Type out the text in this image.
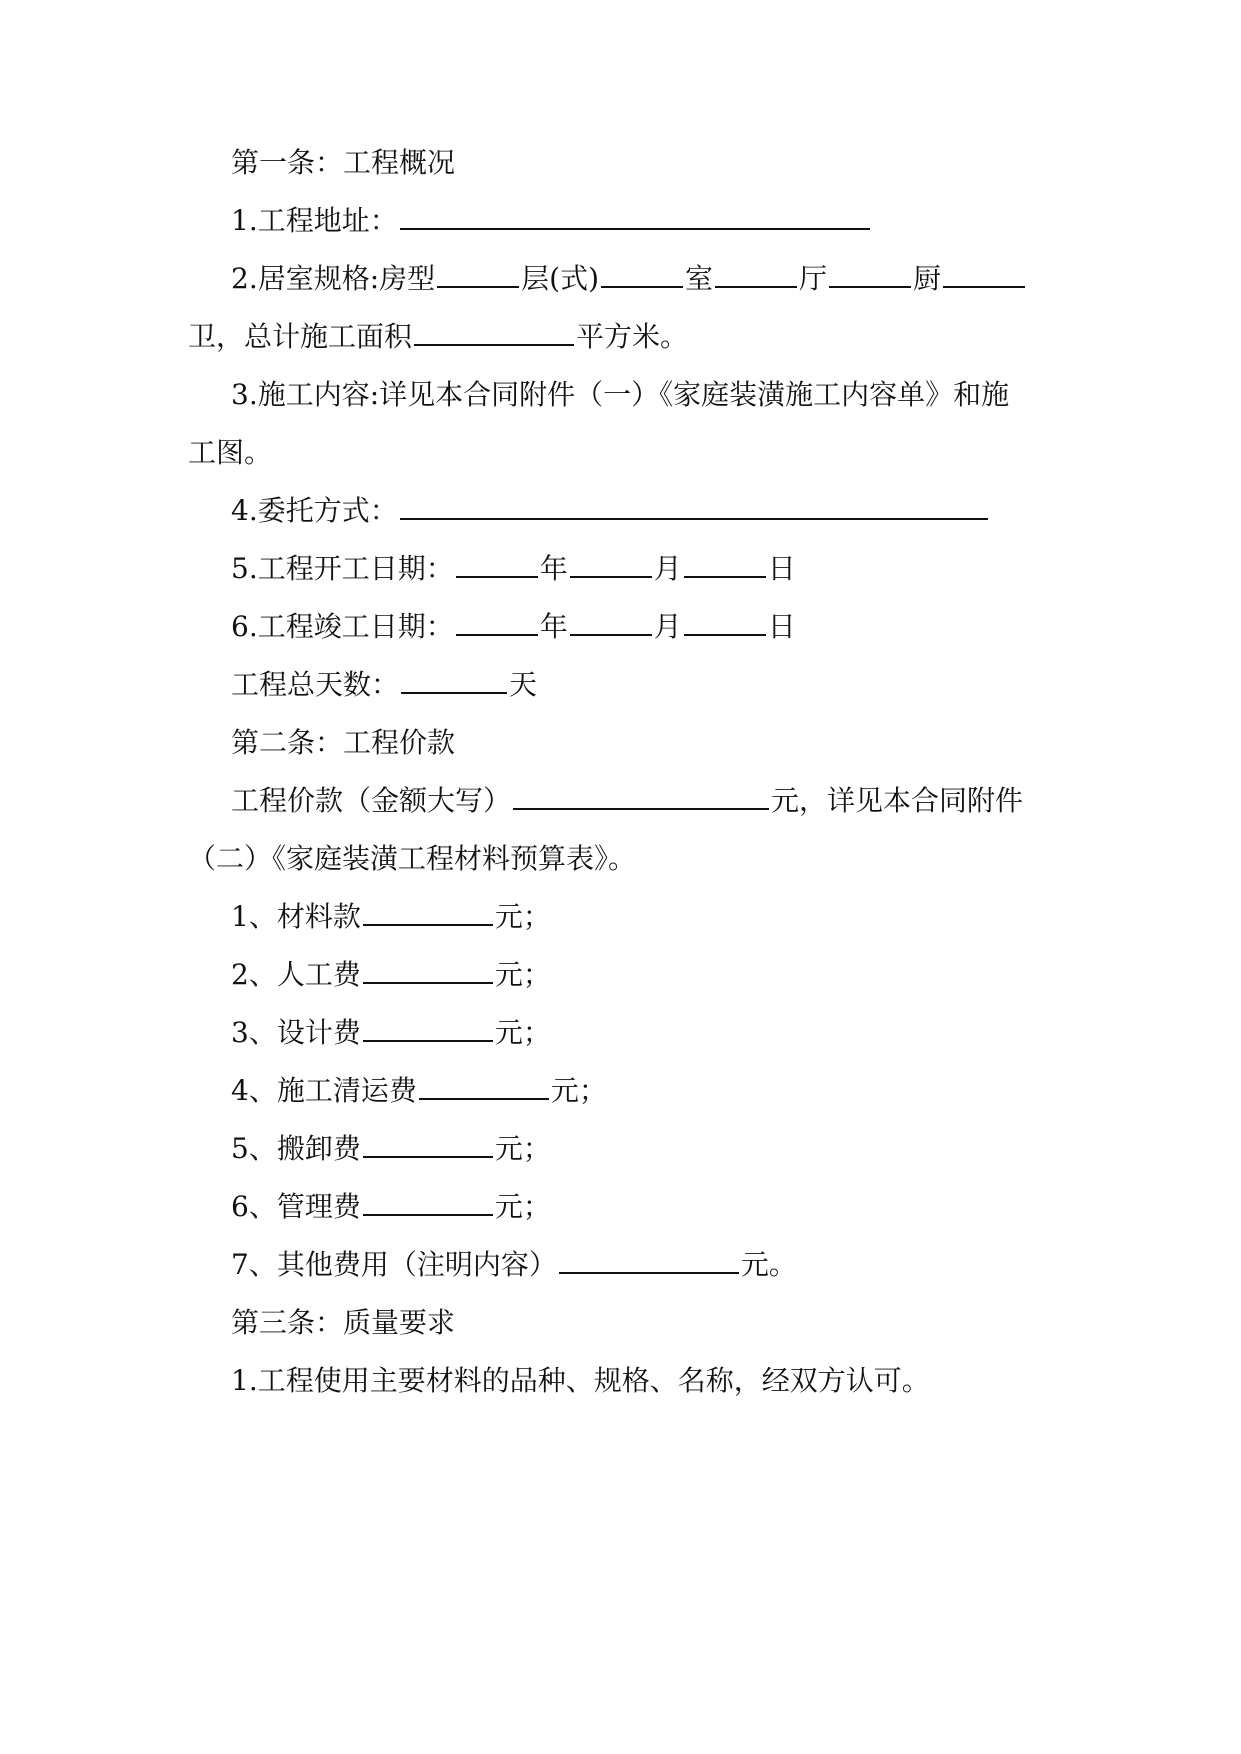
第一条：工程概况
1.工程地址：
2.居室规格:房型	层(式)	室	厅	厨
卫，总计施工面积	平方米。
3.施工内容:详见本合同附件（一）《家庭装潢施工内容单》和施
工图。
4.委托方式：
5.工程开工日期：	年	月	日
6.工程竣工日期：	年	月	日
工程总天数：	天
第二条：工程价款
工程价款（金额大写）	元，详见本合同附件
（二）《家庭装潢工程材料预算表》。
1、材料款	元；
2、人工费	元；
3、设计费	元；
4、施工清运费	元；
5、搬卸费	元；
6、管理费	元；
7、其他费用（注明内容）	元。
第三条：质量要求
1.工程使用主要材料的品种、规格、名称，经双方认可。
